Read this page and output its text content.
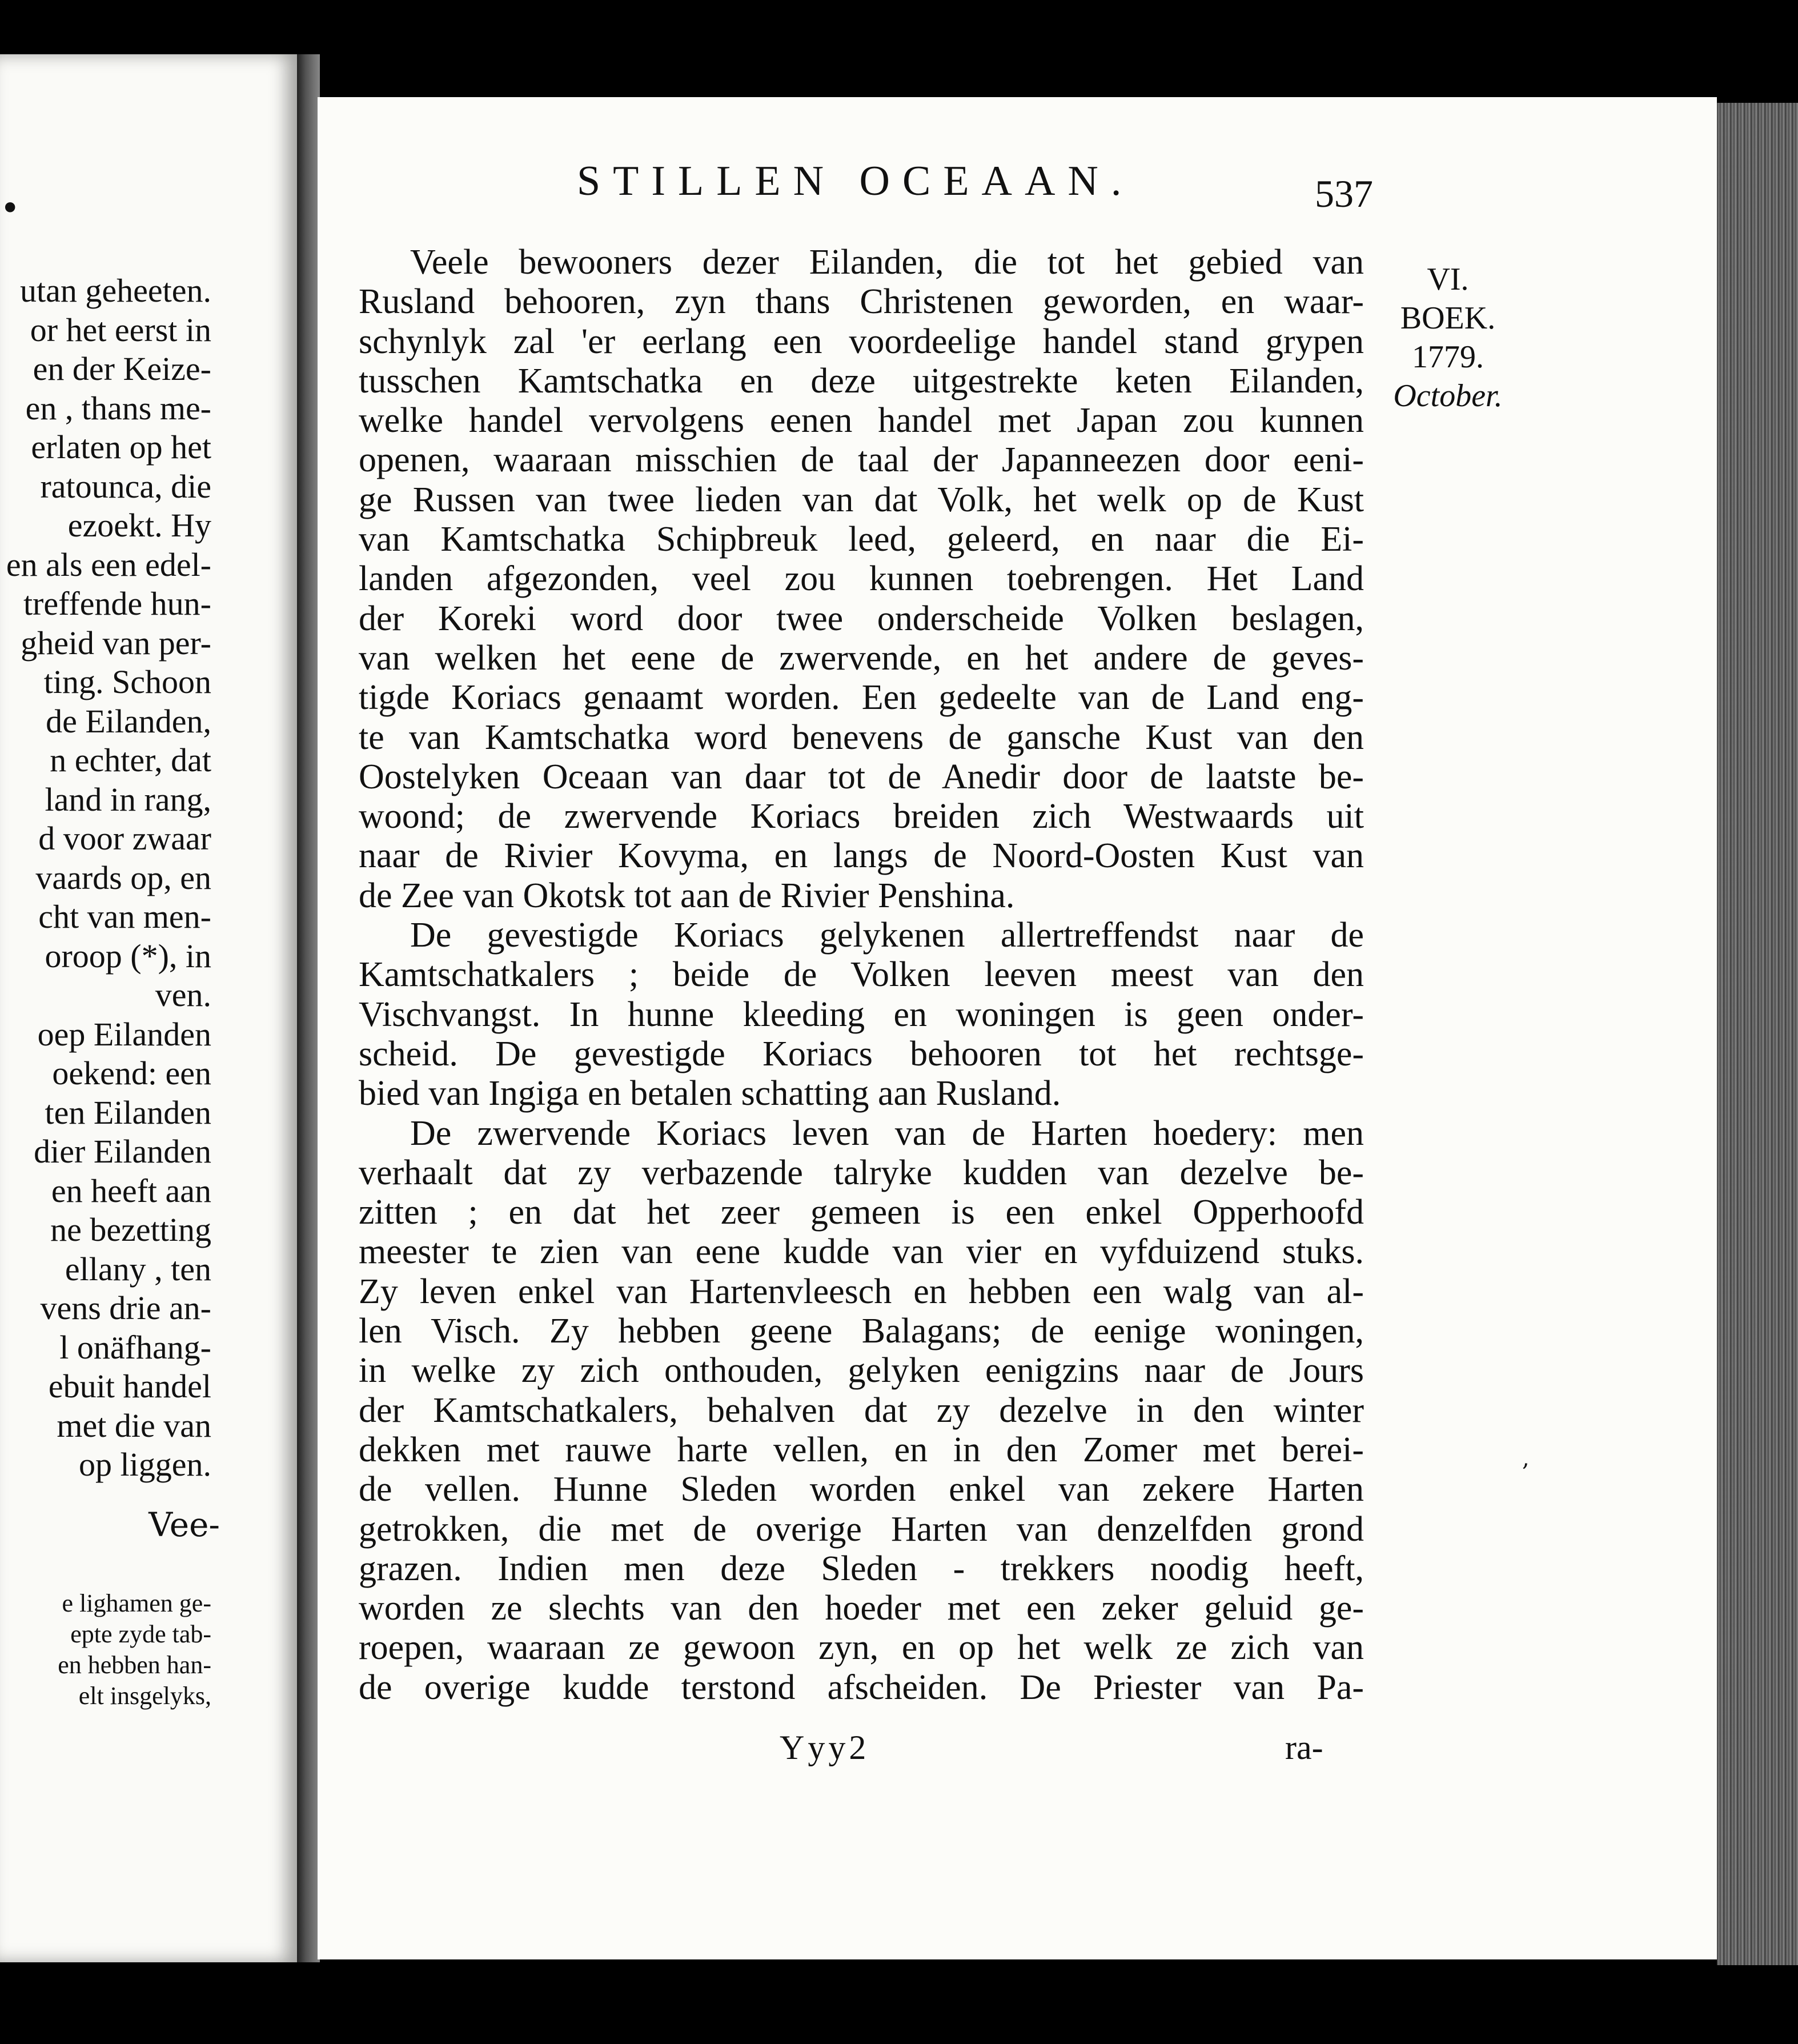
•
utan geheeten.
or het eerst in
en der Keize-
en , thans me-
erlaten op het
ratounca, die
ezoekt. Hy
en als een edel-
treffende hun-
gheid van per-
ting. Schoon
de Eilanden,
n echter, dat
land in rang,
d voor zwaar
vaards op, en
cht van men-
oroop (*), in
ven.
oep Eilanden
oekend: een
ten Eilanden
dier Eilanden
en heeft aan
ne bezetting
ellany , ten
vens drie an-
l onäfhang-
ebuit handel
met die van
op liggen.
Vee-
e lighamen ge-
epte zyde tab-
en hebben han-
elt insgelyks,
STILLEN OCEAAN.	537
VI.
BOEK.
1779.
October.
Veele bewooners dezer Eilanden, die tot het gebied van
Rusland behooren, zyn thans Christenen geworden, en waar-
schynlyk zal 'er eerlang een voordeelige handel stand grypen
tusschen Kamtschatka en deze uitgestrekte keten Eilanden,
welke handel vervolgens eenen handel met Japan zou kunnen
openen, waaraan misschien de taal der Japanneezen door eeni-
ge Russen van twee lieden van dat Volk, het welk op de Kust
van Kamtschatka Schipbreuk leed, geleerd, en naar die Ei-
landen afgezonden, veel zou kunnen toebrengen. Het Land
der Koreki word door twee onderscheide Volken beslagen,
van welken het eene de zwervende, en het andere de geves-
tigde Koriacs genaamt worden. Een gedeelte van de Land eng-
te van Kamtschatka word benevens de gansche Kust van den
Oostelyken Oceaan van daar tot de Anedir door de laatste be-
woond; de zwervende Koriacs breiden zich Westwaards uit
naar de Rivier Kovyma, en langs de Noord-Oosten Kust van
de Zee van Okotsk tot aan de Rivier Penshina.
De gevestigde Koriacs gelykenen allertreffendst naar de
Kamtschatkalers ; beide de Volken leeven meest van den
Vischvangst. In hunne kleeding en woningen is geen onder-
scheid. De gevestigde Koriacs behooren tot het rechtsge-
bied van Ingiga en betalen schatting aan Rusland.
De zwervende Koriacs leven van de Harten hoedery: men
verhaalt dat zy verbazende talryke kudden van dezelve be-
zitten ; en dat het zeer gemeen is een enkel Opperhoofd
meester te zien van eene kudde van vier en vyfduizend stuks.
Zy leven enkel van Hartenvleesch en hebben een walg van al-
len Visch. Zy hebben geene Balagans; de eenige woningen,
in welke zy zich onthouden, gelyken eenigzins naar de Jours
der Kamtschatkalers, behalven dat zy dezelve in den winter
dekken met rauwe harte vellen, en in den Zomer met berei-
de vellen. Hunne Sleden worden enkel van zekere Harten
getrokken, die met de overige Harten van denzelfden grond
grazen. Indien men deze Sleden - trekkers noodig heeft,
worden ze slechts van den hoeder met een zeker geluid ge-
roepen, waaraan ze gewoon zyn, en op het welk ze zich van
de overige kudde terstond afscheiden. De Priester van Pa-
Yyy2	ra-
,
